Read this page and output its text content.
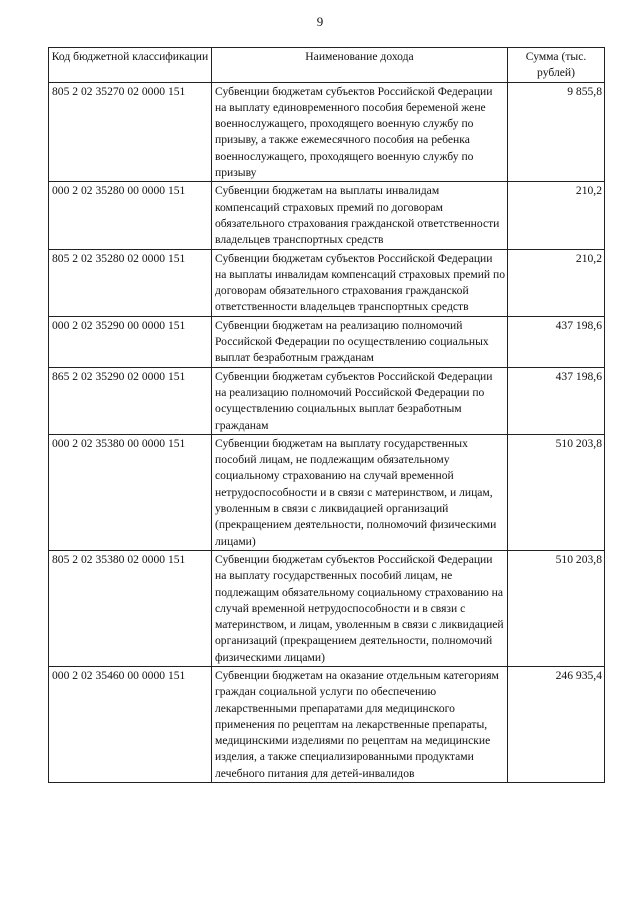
9
Код бюджетной классификации	Наименование дохода	Сумма (тыс. рублей)
805 2 02 35270 02 0000 151	Субвенции бюджетам субъектов Российской Федерации на выплату единовременного пособия беременой жене военнослужащего, проходящего военную службу по призыву, а также ежемесячного пособия на ребенка военнослужащего, проходящего военную службу по призыву	9 855,8
000 2 02 35280 00 0000 151	Субвенции бюджетам на выплаты инвалидам компенсаций страховых премий по договорам обязательного страхования гражданской ответственности владельцев транспортных средств	210,2
805 2 02 35280 02 0000 151	Субвенции бюджетам субъектов Российской Федерации на выплаты инвалидам компенсаций страховых премий по договорам обязательного страхования гражданской ответственности владельцев транспортных средств	210,2
000 2 02 35290 00 0000 151	Субвенции бюджетам на реализацию полномочий Российской Федерации по осуществлению социальных выплат безработным гражданам	437 198,6
865 2 02 35290 02 0000 151	Субвенции бюджетам субъектов Российской Федерации на реализацию полномочий Российской Федерации по осуществлению социальных выплат безработным гражданам	437 198,6
000 2 02 35380 00 0000 151	Субвенции бюджетам на выплату государственных пособий лицам, не подлежащим обязательному социальному страхованию на случай временной нетрудоспособности и в связи с материнством, и лицам, уволенным в связи с ликвидацией организаций (прекращением деятельности, полномочий физическими лицами)	510 203,8
805 2 02 35380 02 0000 151	Субвенции бюджетам субъектов Российской Федерации на выплату государственных пособий лицам, не подлежащим обязательному социальному страхованию на случай временной нетрудоспособности и в связи с материнством, и лицам, уволенным в связи с ликвидацией организаций (прекращением деятельности, полномочий физическими лицами)	510 203,8
000 2 02 35460 00 0000 151	Субвенции бюджетам на оказание отдельным категориям граждан социальной услуги по обеспечению лекарственными препаратами для медицинского применения по рецептам на лекарственные препараты, медицинскими изделиями по рецептам на медицинские изделия, а также специализированными продуктами лечебного питания для детей-инвалидов	246 935,4
